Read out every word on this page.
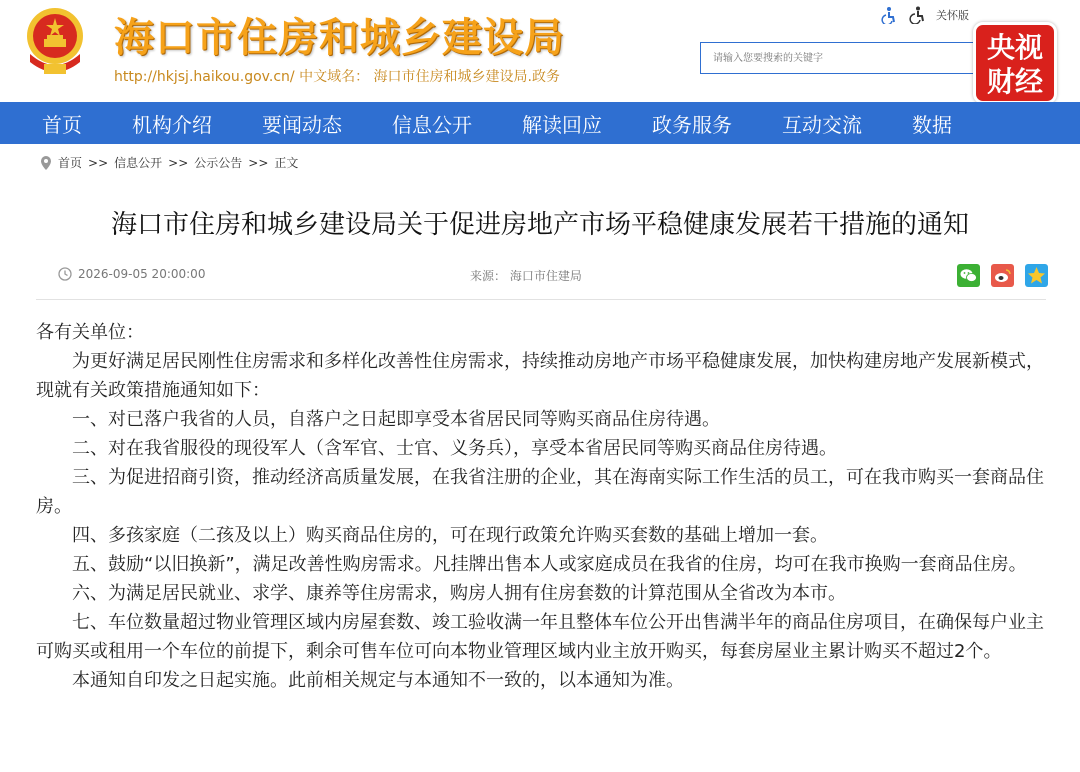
海口市住房和城乡建设局
http://hkjsj.haikou.gov.cn/ 中文域名： 海口市住房和城乡建设局.政务
关怀版
请输入您要搜索的关键字
央视
财经
首页	机构介绍	要闻动态	信息公开	解读回应	政务服务	互动交流	数据
首页 >> 信息公开 >> 公示公告 >> 正文
海口市住房和城乡建设局关于促进房地产市场平稳健康发展若干措施的通知
2026-09-05 20:00:00	来源： 海口市住建局

各有关单位：

为更好满足居民刚性住房需求和多样化改善性住房需求，持续推动房地产市场平稳健康发展，加快构建房地产发展新模式，现就有关政策措施通知如下：

一、对已落户我省的人员，自落户之日起即享受本省居民同等购买商品住房待遇。

二、对在我省服役的现役军人（含军官、士官、义务兵），享受本省居民同等购买商品住房待遇。

三、为促进招商引资，推动经济高质量发展，在我省注册的企业，其在海南实际工作生活的员工，可在我市购买一套商品住房。

四、多孩家庭（二孩及以上）购买商品住房的，可在现行政策允许购买套数的基础上增加一套。

五、鼓励“以旧换新”，满足改善性购房需求。凡挂牌出售本人或家庭成员在我省的住房，均可在我市换购一套商品住房。

六、为满足居民就业、求学、康养等住房需求，购房人拥有住房套数的计算范围从全省改为本市。

七、车位数量超过物业管理区域内房屋套数、竣工验收满一年且整体车位公开出售满半年的商品住房项目，在确保每户业主可购买或租用一个车位的前提下，剩余可售车位可向本物业管理区域内业主放开购买，每套房屋业主累计购买不超过2个。

本通知自印发之日起实施。此前相关规定与本通知不一致的，以本通知为准。
